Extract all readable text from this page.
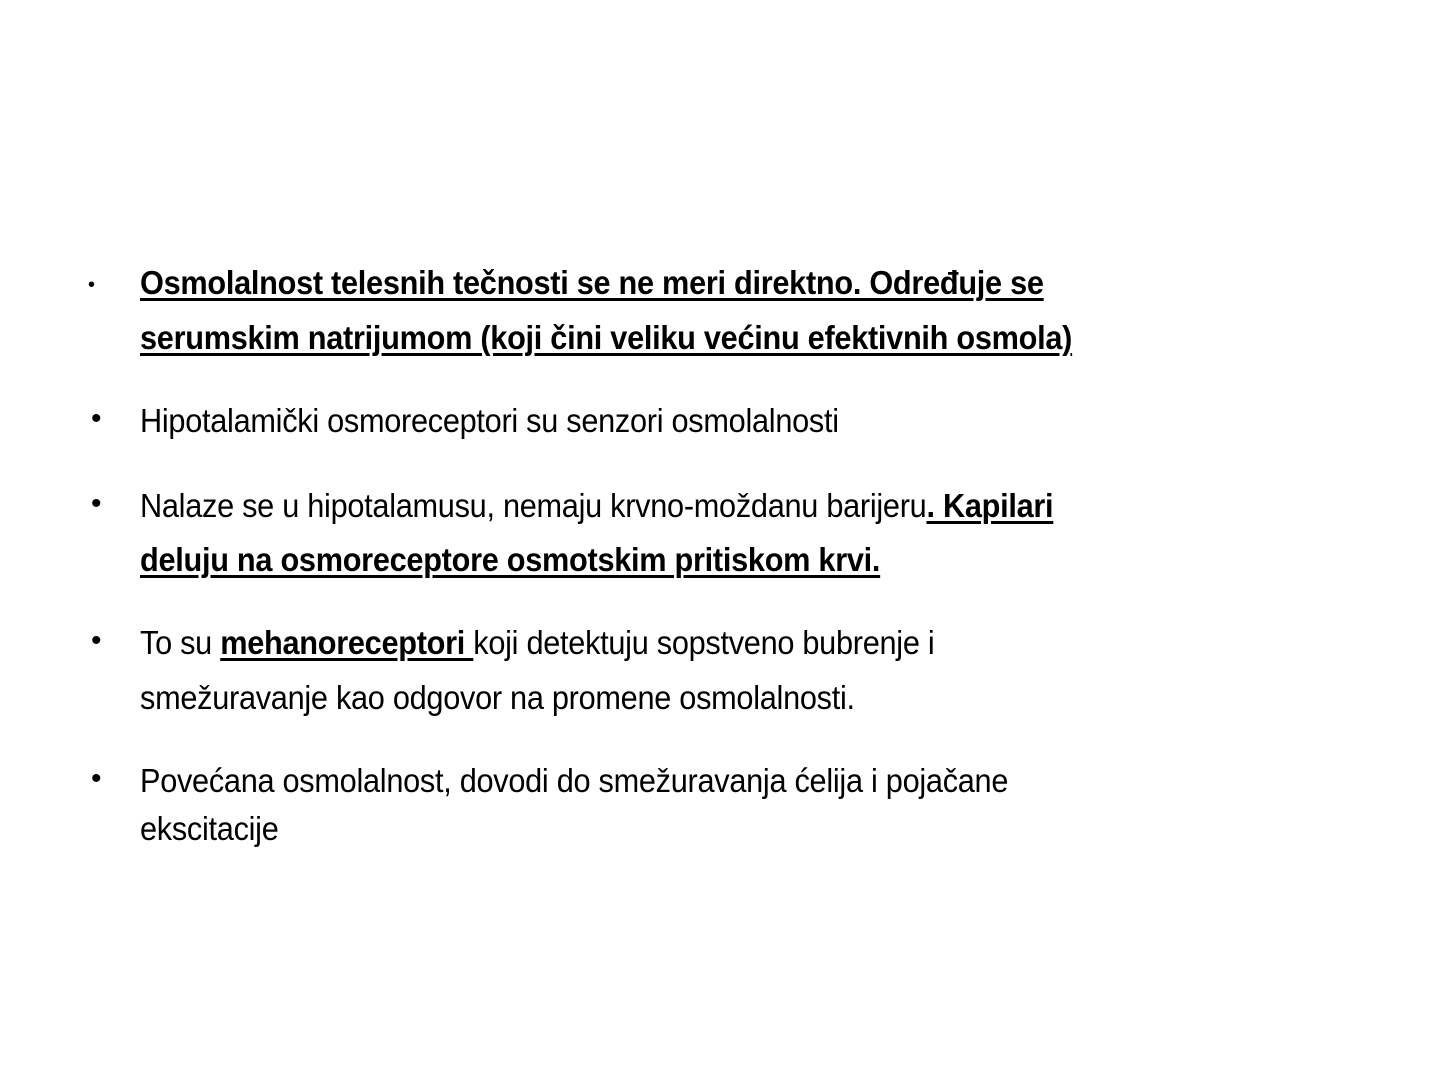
• Osmolalnost telesnih tečnosti se ne meri direktno. Određuje se
serumskim natrijumom (koji čini veliku većinu efektivnih osmola)
• Hipotalamički osmoreceptori su senzori osmolalnosti
• Nalaze se u hipotalamusu, nemaju krvno-moždanu barijeru. Kapilari
deluju na osmoreceptore osmotskim pritiskom krvi.
• To su mehanoreceptori koji detektuju sopstveno bubrenje i
smežuravanje kao odgovor na promene osmolalnosti.
• Povećana osmolalnost, dovodi do smežuravanja ćelija i pojačane
ekscitacije
